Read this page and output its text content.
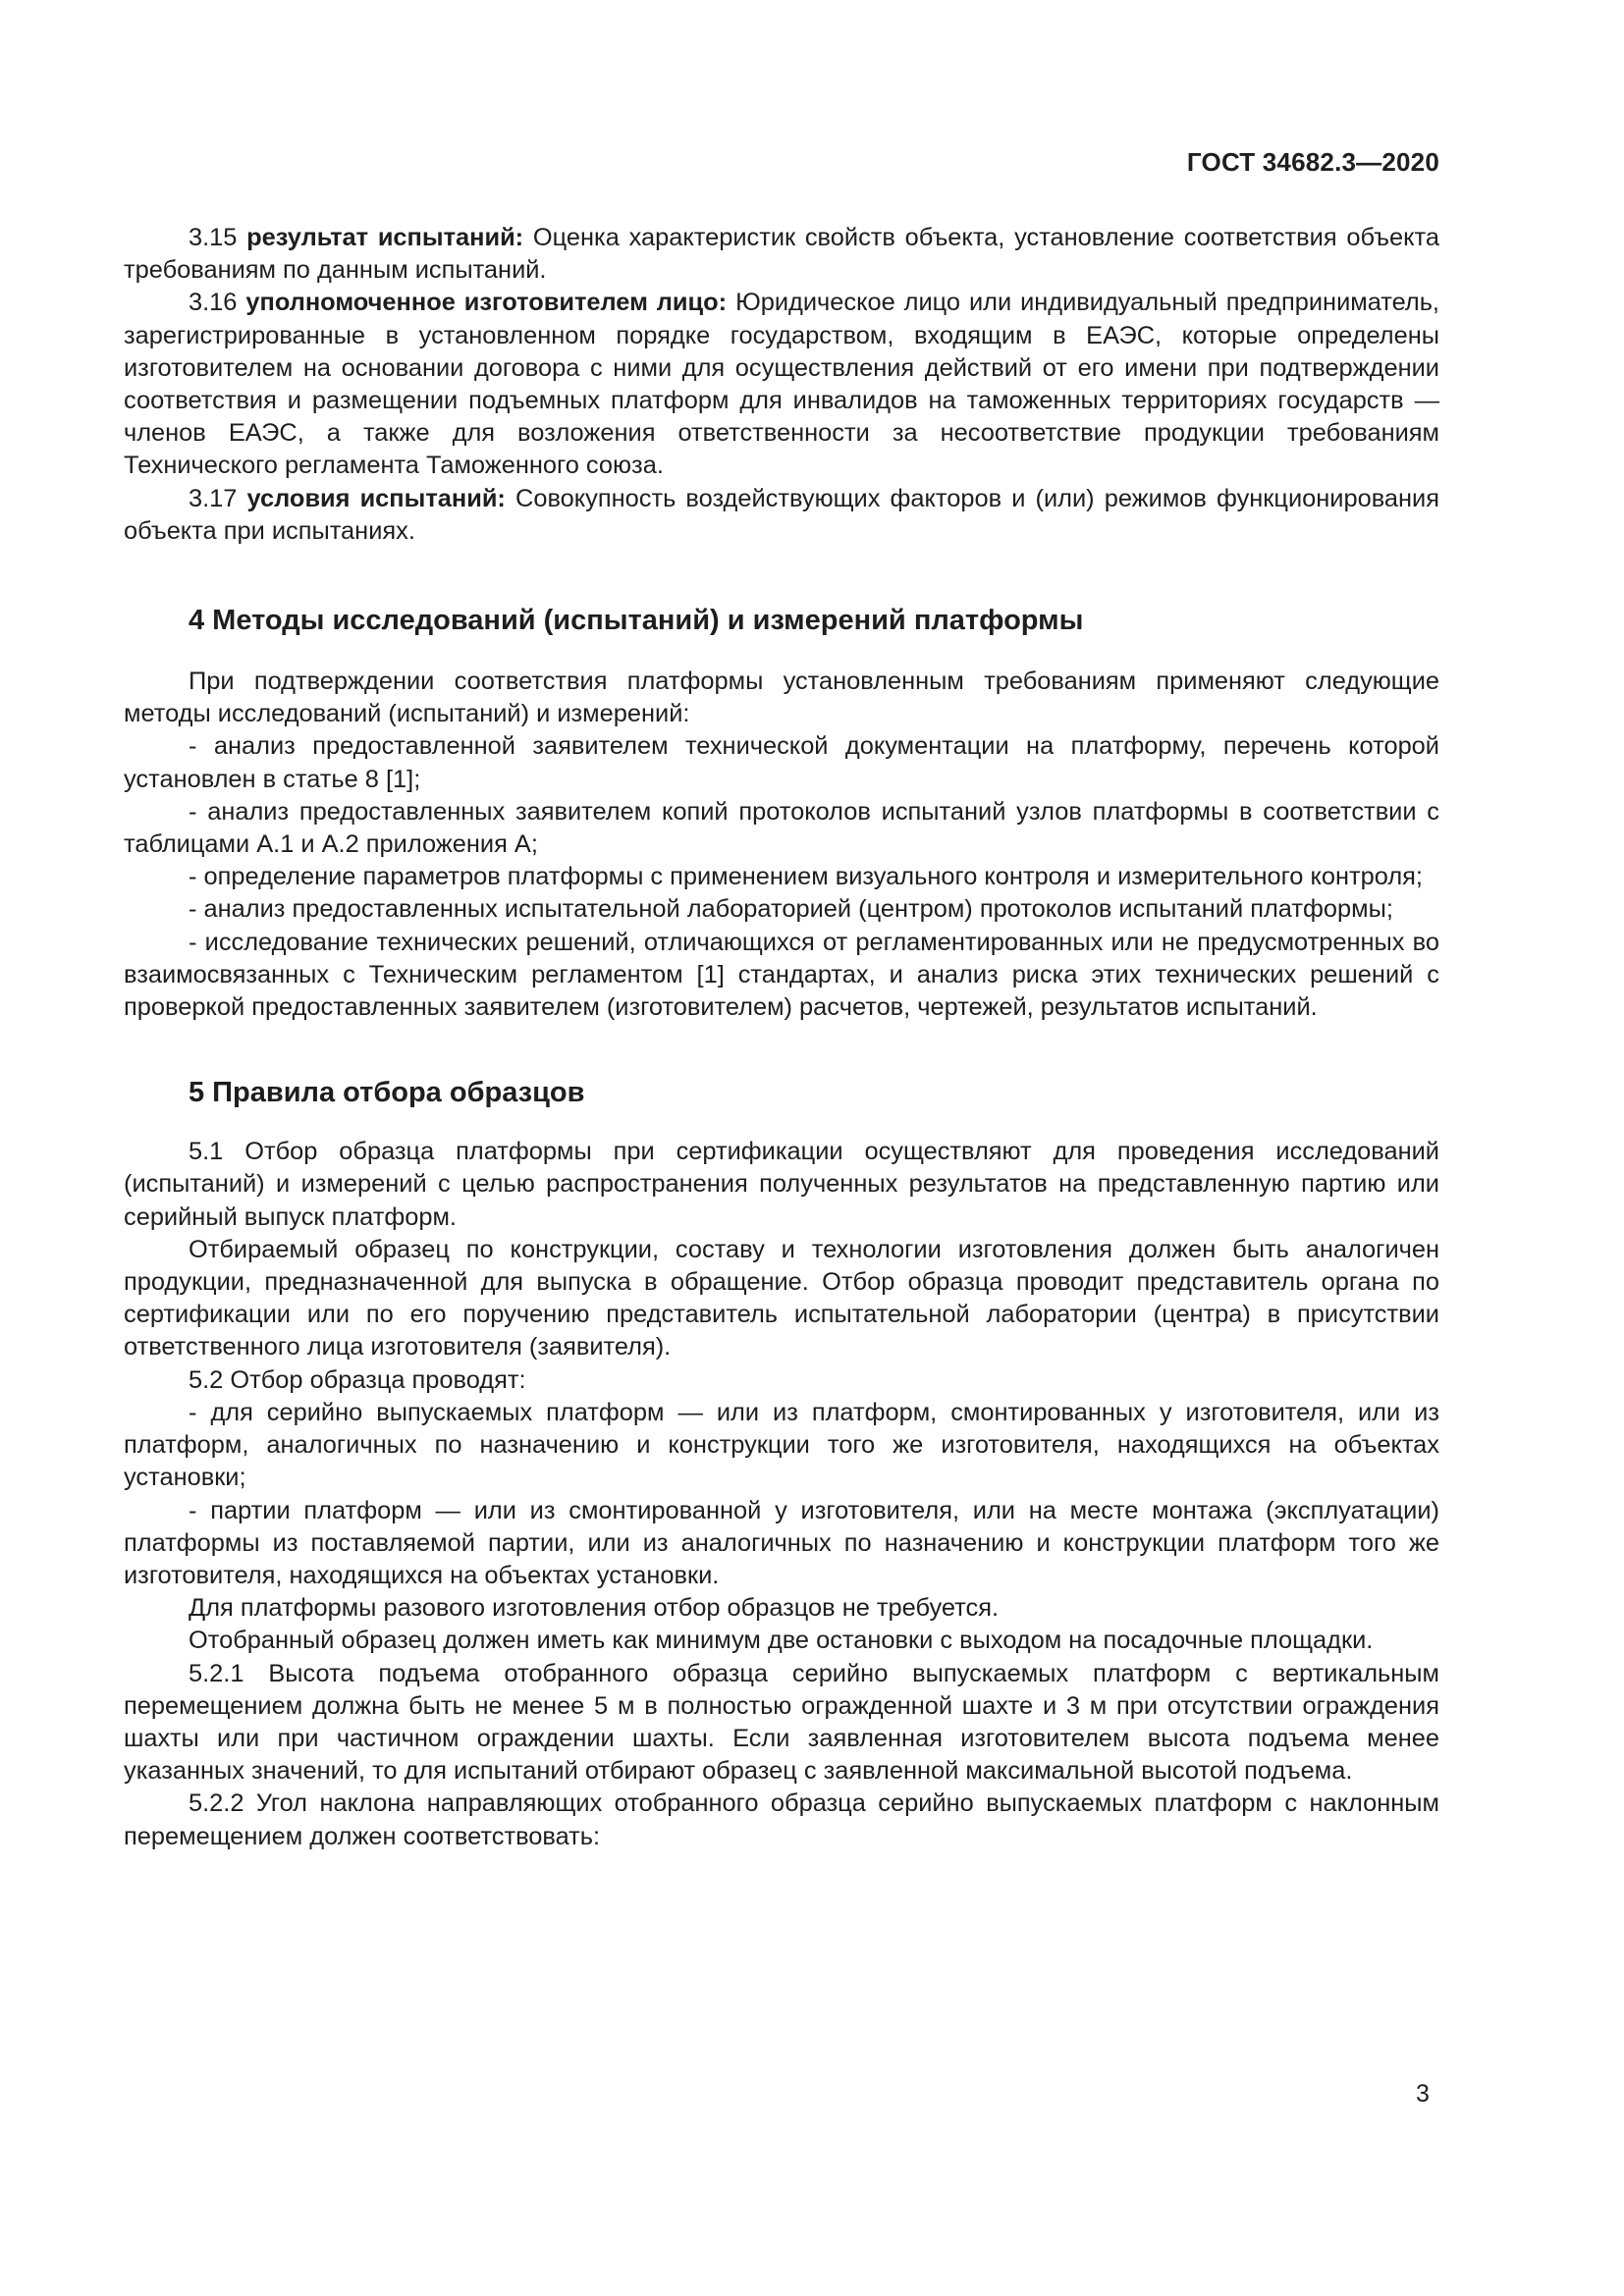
ГОСТ 34682.3—2020

3.15 результат испытаний: Оценка характеристик свойств объекта, установление соответствия объекта требованиям по данным испытаний.

3.16 уполномоченное изготовителем лицо: Юридическое лицо или индивидуальный предприниматель, зарегистрированные в установленном порядке государством, входящим в ЕАЭС, которые определены изготовителем на основании договора с ними для осуществления действий от его имени при подтверждении соответствия и размещении подъемных платформ для инвалидов на таможенных территориях государств — членов ЕАЭС, а также для возложения ответственности за несоответствие продукции требованиям Технического регламента Таможенного союза.

3.17 условия испытаний: Совокупность воздействующих факторов и (или) режимов функционирования объекта при испытаниях.

4 Методы исследований (испытаний) и измерений платформы

При подтверждении соответствия платформы установленным требованиям применяют следующие методы исследований (испытаний) и измерений:

- анализ предоставленной заявителем технической документации на платформу, перечень которой установлен в статье 8 [1];

- анализ предоставленных заявителем копий протоколов испытаний узлов платформы в соответствии с таблицами А.1 и А.2 приложения А;

- определение параметров платформы с применением визуального контроля и измерительного контроля;

- анализ предоставленных испытательной лабораторией (центром) протоколов испытаний платформы;

- исследование технических решений, отличающихся от регламентированных или не предусмотренных во взаимосвязанных с Техническим регламентом [1] стандартах, и анализ риска этих технических решений с проверкой предоставленных заявителем (изготовителем) расчетов, чертежей, результатов испытаний.

5 Правила отбора образцов

5.1 Отбор образца платформы при сертификации осуществляют для проведения исследований (испытаний) и измерений с целью распространения полученных результатов на представленную партию или серийный выпуск платформ.

Отбираемый образец по конструкции, составу и технологии изготовления должен быть аналогичен продукции, предназначенной для выпуска в обращение. Отбор образца проводит представитель органа по сертификации или по его поручению представитель испытательной лаборатории (центра) в присутствии ответственного лица изготовителя (заявителя).

5.2 Отбор образца проводят:

- для серийно выпускаемых платформ — или из платформ, смонтированных у изготовителя, или из платформ, аналогичных по назначению и конструкции того же изготовителя, находящихся на объектах установки;

- партии платформ — или из смонтированной у изготовителя, или на месте монтажа (эксплуатации) платформы из поставляемой партии, или из аналогичных по назначению и конструкции платформ того же изготовителя, находящихся на объектах установки.

Для платформы разового изготовления отбор образцов не требуется.

Отобранный образец должен иметь как минимум две остановки с выходом на посадочные площадки.

5.2.1 Высота подъема отобранного образца серийно выпускаемых платформ с вертикальным перемещением должна быть не менее 5 м в полностью огражденной шахте и 3 м при отсутствии ограждения шахты или при частичном ограждении шахты. Если заявленная изготовителем высота подъема менее указанных значений, то для испытаний отбирают образец с заявленной максимальной высотой подъема.

5.2.2 Угол наклона направляющих отобранного образца серийно выпускаемых платформ с наклонным перемещением должен соответствовать:

3
